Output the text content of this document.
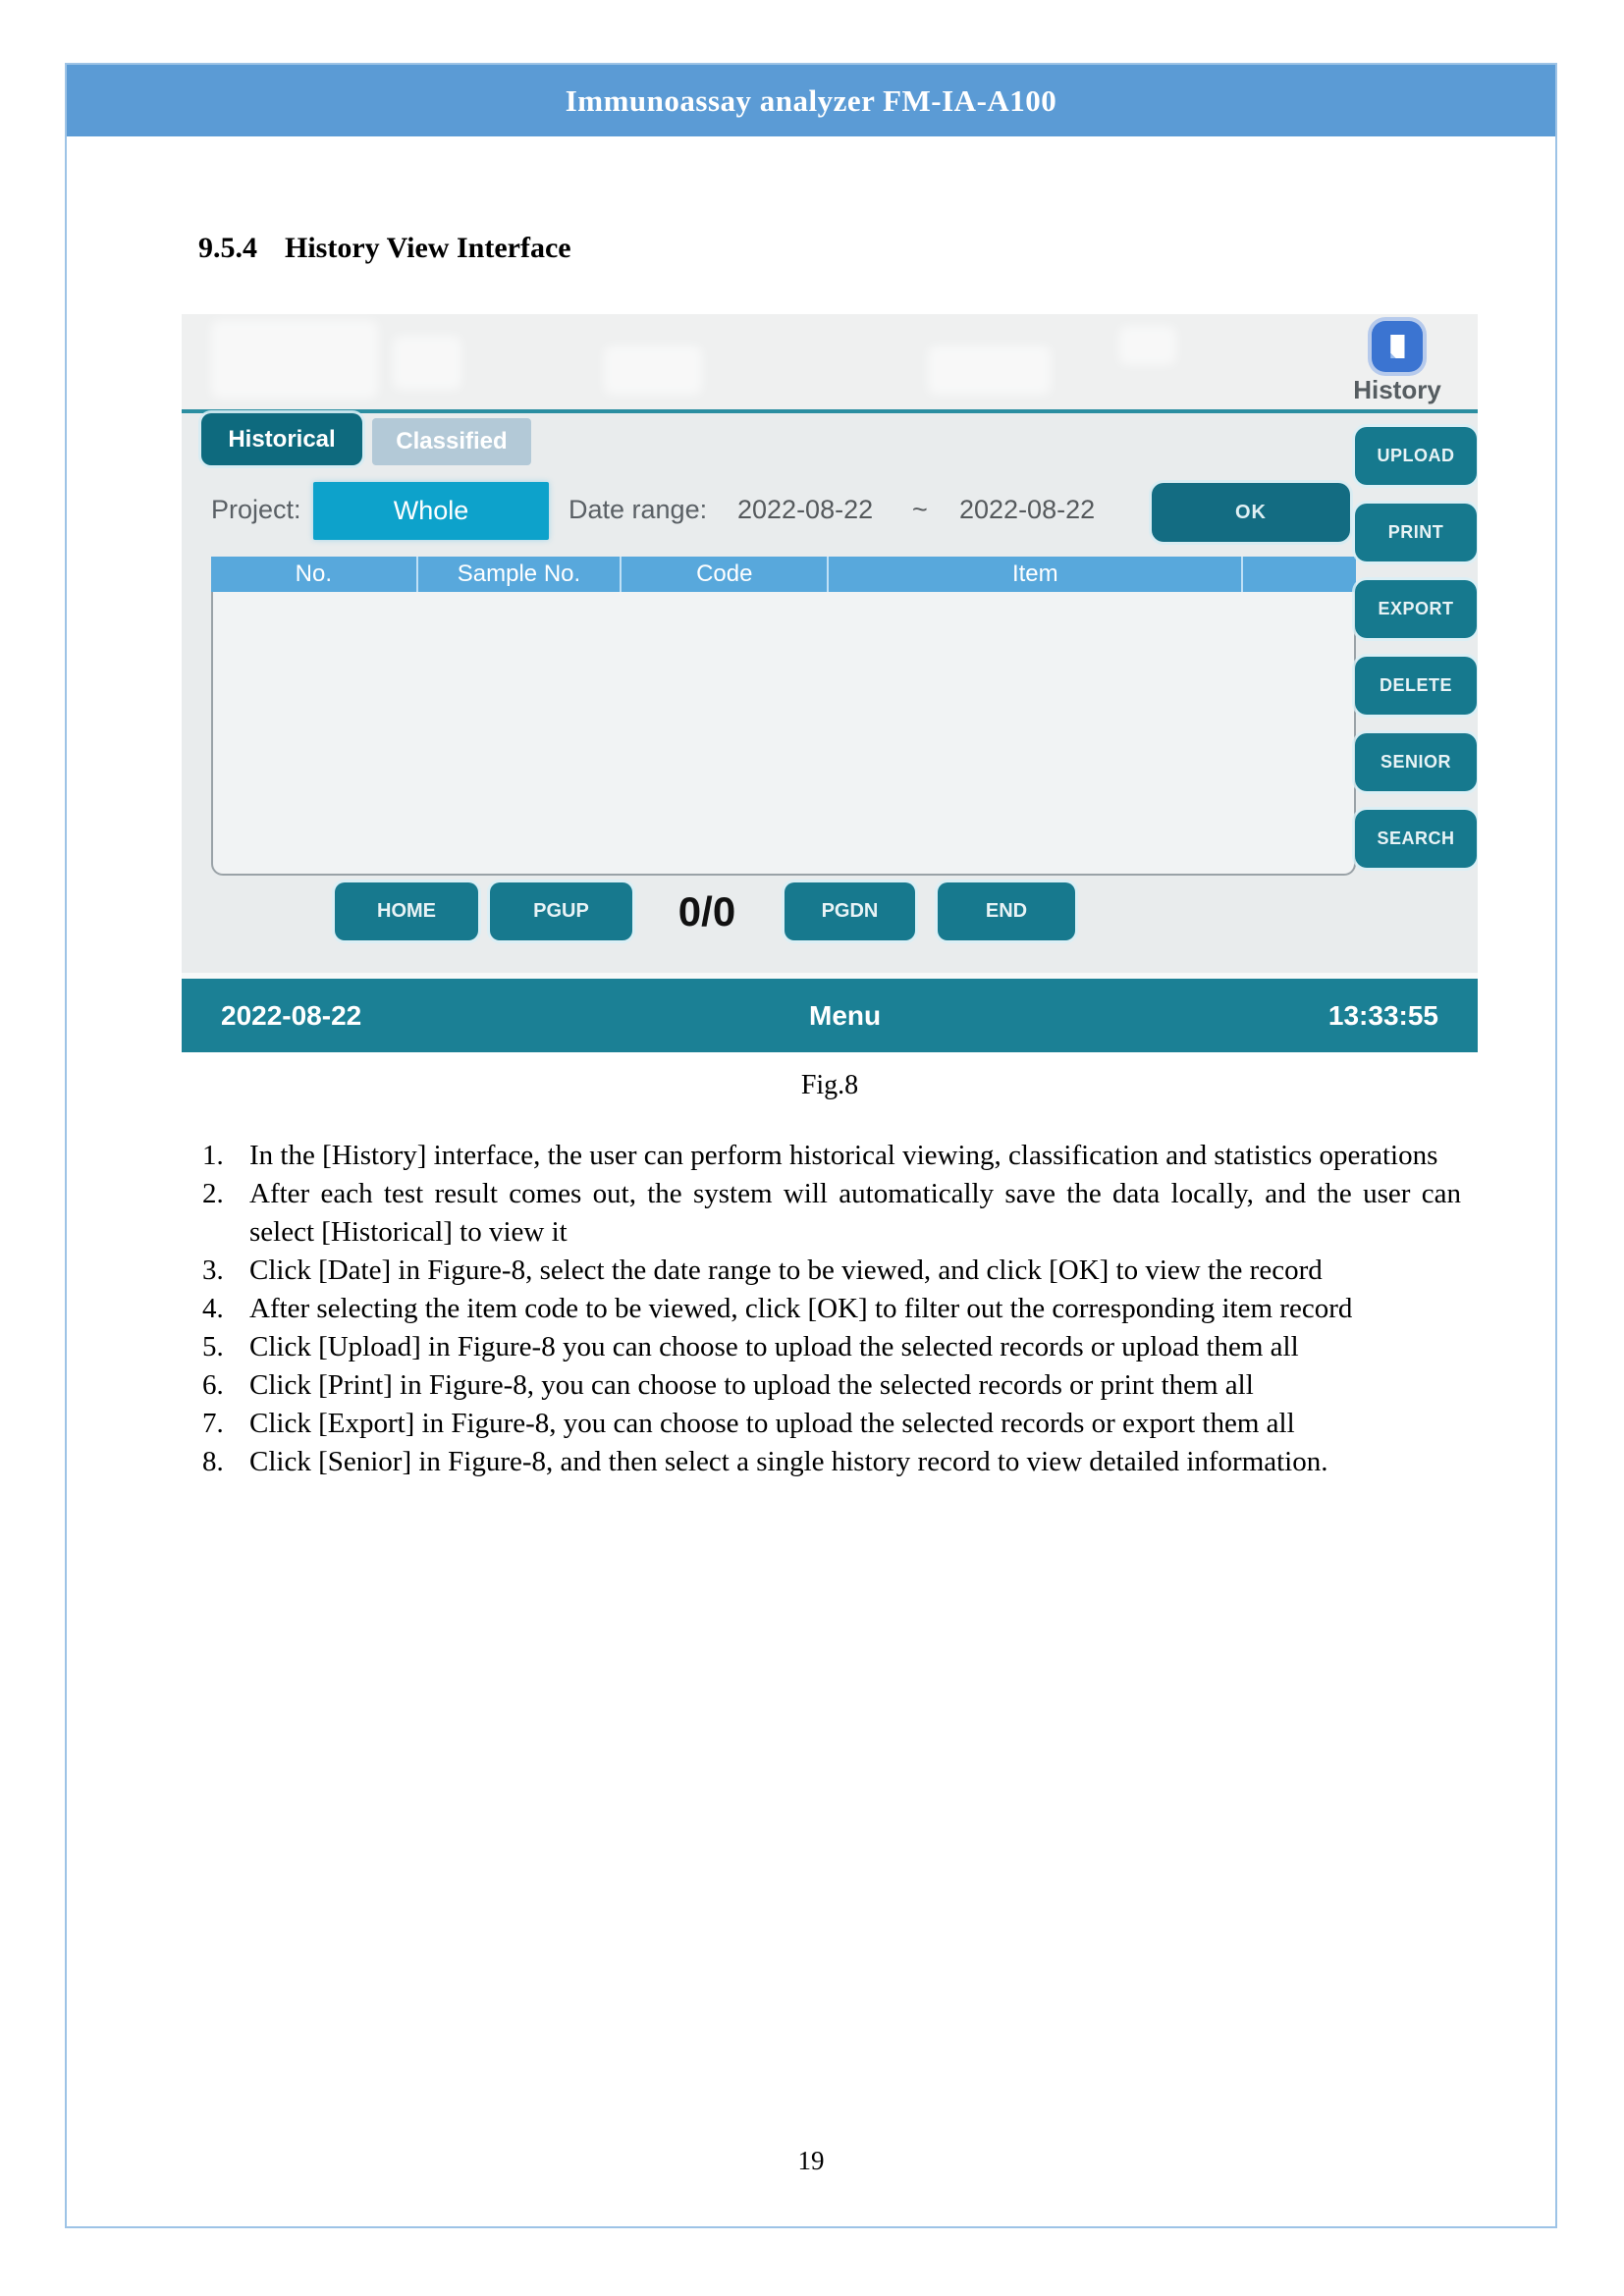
Immunoassay analyzer FM-IA-A100
9.5.4 History View Interface
History
Historical	Classified
Project:	Whole	Date range: 2022-08-22 ~ 2022-08-22	OK
No.	Sample No.	Code	Item
UPLOAD
PRINT
EXPORT
DELETE
SENIOR
SEARCH
HOME	PGUP	0/0	PGDN	END
2022-08-22	Menu	13:33:55
Fig.8
1. In the [History] interface, the user can perform historical viewing, classification and statistics operations
2. After each test result comes out, the system will automatically save the data locally, and the user can select [Historical] to view it
3. Click [Date] in Figure-8, select the date range to be viewed, and click [OK] to view the record
4. After selecting the item code to be viewed, click [OK] to filter out the corresponding item record
5. Click [Upload] in Figure-8 you can choose to upload the selected records or upload them all
6. Click [Print] in Figure-8, you can choose to upload the selected records or print them all
7. Click [Export] in Figure-8, you can choose to upload the selected records or export them all
8. Click [Senior] in Figure-8, and then select a single history record to view detailed information.
19
